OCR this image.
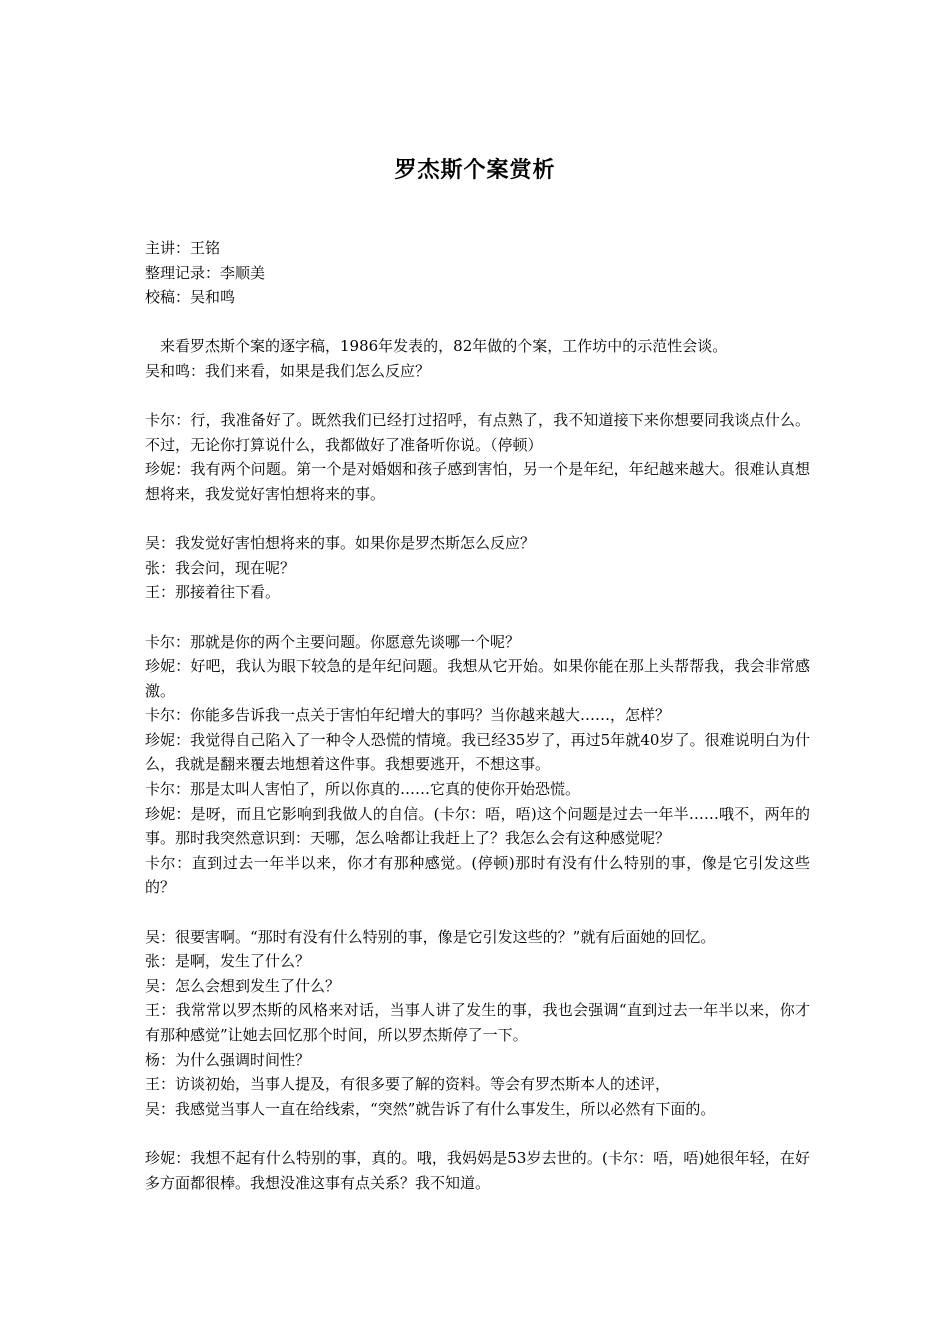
罗杰斯个案赏析

主讲：王铭

整理记录：李顺美

校稿：吴和鸣

来看罗杰斯个案的逐字稿，1986年发表的，82年做的个案，工作坊中的示范性会谈。

吴和鸣：我们来看，如果是我们怎么反应？

卡尔：行，我准备好了。既然我们已经打过招呼，有点熟了，我不知道接下来你想要同我谈点什么。不过，无论你打算说什么，我都做好了准备听你说。（停顿）

珍妮：我有两个问题。第一个是对婚姻和孩子感到害怕，另一个是年纪，年纪越来越大。很难认真想想将来，我发觉好害怕想将来的事。

吴：我发觉好害怕想将来的事。如果你是罗杰斯怎么反应？

张：我会问，现在呢？

王：那接着往下看。

卡尔：那就是你的两个主要问题。你愿意先谈哪一个呢？

珍妮：好吧，我认为眼下较急的是年纪问题。我想从它开始。如果你能在那上头帮帮我，我会非常感激。

卡尔：你能多告诉我一点关于害怕年纪增大的事吗？当你越来越大……，怎样？

珍妮：我觉得自己陷入了一种令人恐慌的情境。我已经35岁了，再过5年就40岁了。很难说明白为什么，我就是翻来覆去地想着这件事。我想要逃开，不想这事。

卡尔：那是太叫人害怕了，所以你真的……它真的使你开始恐慌。

珍妮：是呀，而且它影响到我做人的自信。(卡尔：唔，唔)这个问题是过去一年半……哦不，两年的事。那时我突然意识到：天哪，怎么啥都让我赶上了？我怎么会有这种感觉呢？

卡尔：直到过去一年半以来，你才有那种感觉。(停顿)那时有没有什么特别的事，像是它引发这些的？

吴：很要害啊。“那时有没有什么特别的事，像是它引发这些的？”就有后面她的回忆。

张：是啊，发生了什么？

吴：怎么会想到发生了什么？

王：我常常以罗杰斯的风格来对话，当事人讲了发生的事，我也会强调“直到过去一年半以来，你才有那种感觉”让她去回忆那个时间，所以罗杰斯停了一下。

杨：为什么强调时间性？

王：访谈初始，当事人提及，有很多要了解的资料。等会有罗杰斯本人的述评，

吴：我感觉当事人一直在给线索，“突然”就告诉了有什么事发生，所以必然有下面的。

珍妮：我想不起有什么特别的事，真的。哦，我妈妈是53岁去世的。(卡尔：唔，唔)她很年轻，在好多方面都很棒。我想没准这事有点关系？我不知道。
